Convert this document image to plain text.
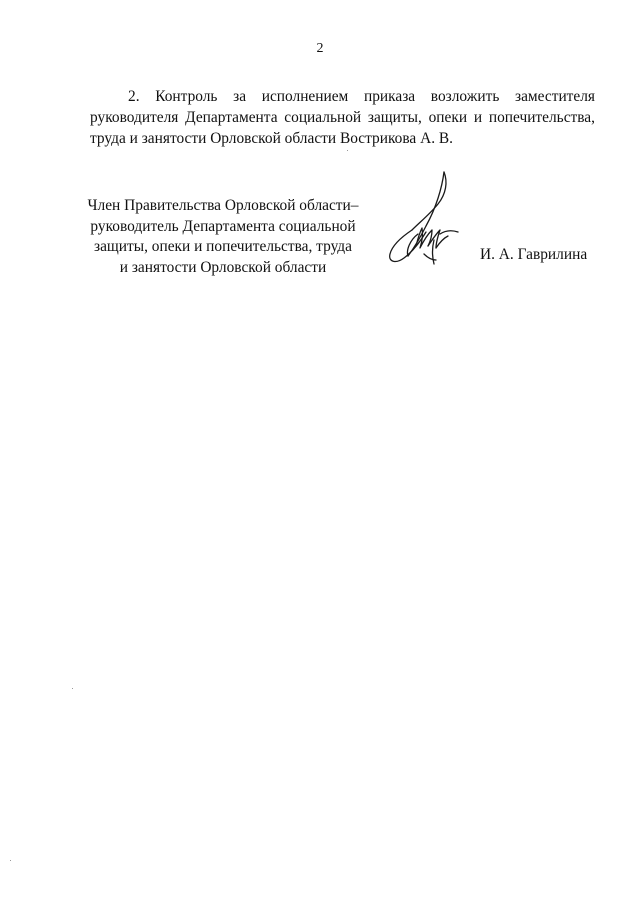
2

2. Контроль за исполнением приказа возложить заместителя руководителя Департамента социальной защиты, опеки и попечительства, труда и занятости Орловской области Вострикова А. В.

Член Правительства Орловской области–
руководитель Департамента социальной
защиты, опеки и попечительства, труда
и занятости Орловской области
И. А. Гаврилина
